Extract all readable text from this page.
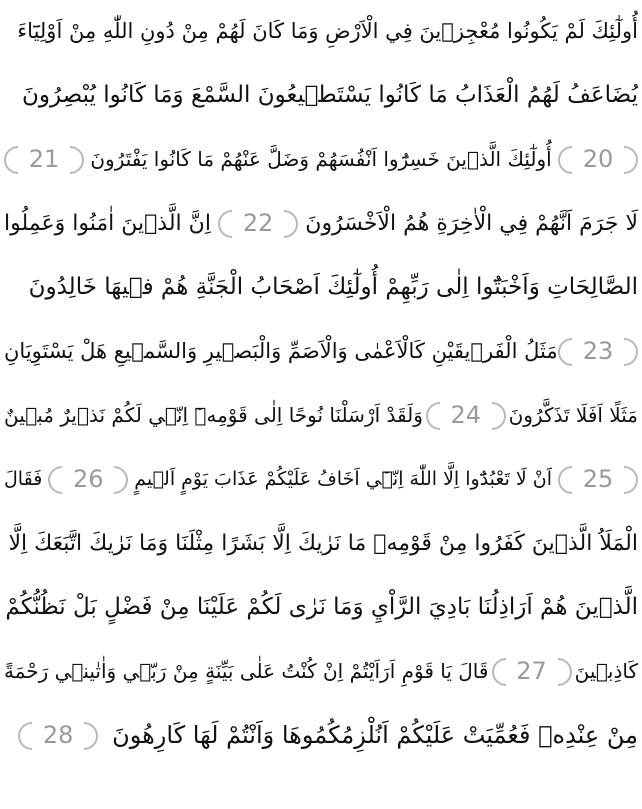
أُولٰٓئِكَ لَمْ يَكُونُوا مُعْجِزٖينَ فِي الْاَرْضِ وَمَا كَانَ لَهُمْ مِنْ دُونِ اللّٰهِ مِنْ اَوْلِيَٓاءَ
يُضَاعَفُ لَهُمُ الْعَذَابُ مَا كَانُوا يَسْتَطٖيعُونَ السَّمْعَ وَمَا كَانُوا يُبْصِرُونَ
20
أُولٰٓئِكَ الَّذٖينَ خَسِرُٓوا اَنْفُسَهُمْ وَضَلَّ عَنْهُمْ مَا كَانُوا يَفْتَرُونَ
21
لَا جَرَمَ اَنَّهُمْ فِي الْاٰخِرَةِ هُمُ الْاَخْسَرُونَ
22
اِنَّ الَّذٖينَ اٰمَنُوا وَعَمِلُوا
الصَّالِحَاتِ وَاَخْبَتُٓوا اِلٰى رَبِّهِمْ أُولٰٓئِكَ اَصْحَابُ الْجَنَّةِ هُمْ فٖيهَا خَالِدُونَ
23
مَثَلُ الْفَرٖيقَيْنِ كَالْاَعْمٰى وَالْاَصَمِّ وَالْبَصٖيرِ وَالسَّمٖيعِ هَلْ يَسْتَوِيَانِ
مَثَلًا اَفَلَا تَذَكَّرُونَ
24
وَلَقَدْ اَرْسَلْنَا نُوحًا اِلٰى قَوْمِهٖٓ اِنّٖي لَكُمْ نَذٖيرٌ مُبٖينٌ
25
اَنْ لَا تَعْبُدُٓوا اِلَّا اللّٰهَ اِنّٖٓي اَخَافُ عَلَيْكُمْ عَذَابَ يَوْمٍ اَلٖيمٍ
26
فَقَالَ
الْمَلَاُ الَّذٖينَ كَفَرُوا مِنْ قَوْمِهٖ مَا نَرٰيكَ اِلَّا بَشَرًا مِثْلَنَا وَمَا نَرٰيكَ اتَّبَعَكَ اِلَّا
الَّذٖينَ هُمْ اَرَاذِلُنَا بَادِيَ الرَّاْيِ وَمَا نَرٰى لَكُمْ عَلَيْنَا مِنْ فَضْلٍ بَلْ نَظُنُّكُمْ
كَاذِبٖينَ
27
قَالَ يَا قَوْمِ اَرَاَيْتُمْ اِنْ كُنْتُ عَلٰى بَيِّنَةٍ مِنْ رَبّٖي وَاٰتٰينٖي رَحْمَةً
مِنْ عِنْدِهٖ فَعُمِّيَتْ عَلَيْكُمْ اَنُلْزِمُكُمُوهَا وَاَنْتُمْ لَهَا كَارِهُونَ
28
